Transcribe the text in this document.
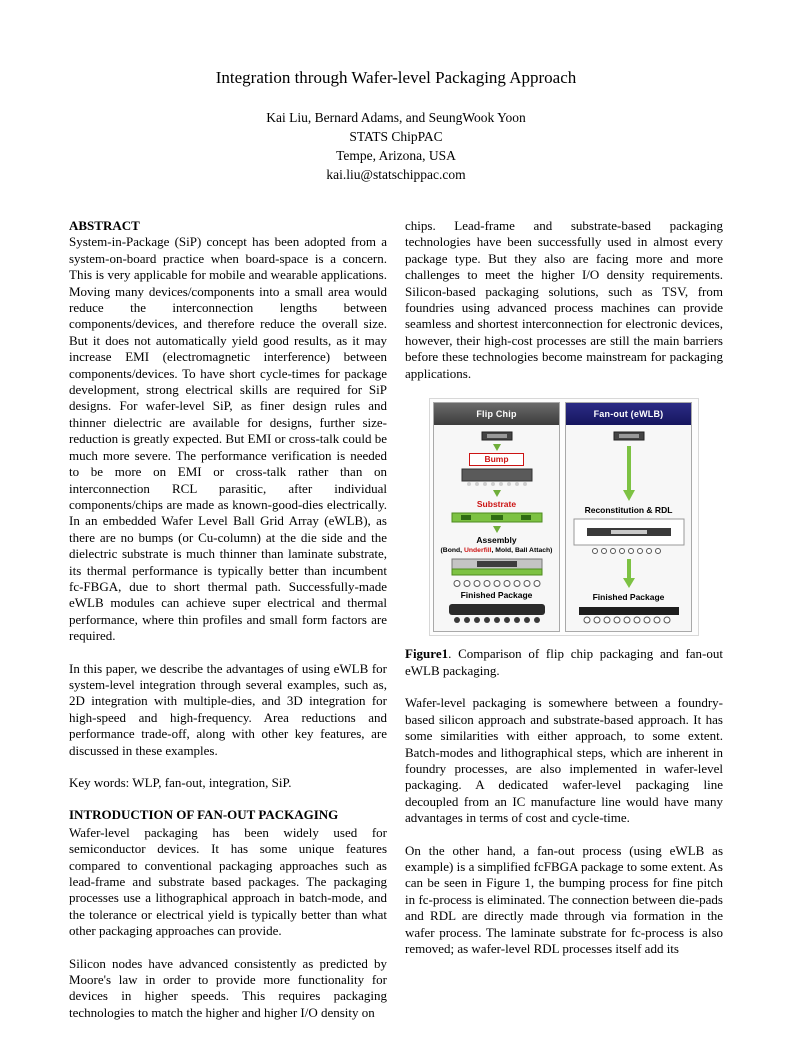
Integration through Wafer-level Packaging Approach
Kai Liu, Bernard Adams, and SeungWook Yoon
STATS ChipPAC
Tempe, Arizona, USA
kai.liu@statschippac.com
ABSTRACT

System-in-Package (SiP) concept has been adopted from a system-on-board practice when board-space is a concern. This is very applicable for mobile and wearable applications. Moving many devices/components into a small area would reduce the interconnection lengths between components/devices, and therefore reduce the overall size. But it does not automatically yield good results, as it may increase EMI (electromagnetic interference) between components/devices. To have short cycle-times for package development, strong electrical skills are required for SiP designs. For wafer-level SiP, as finer design rules and thinner dielectric are available for designs, further size-reduction is greatly expected. But EMI or cross-talk could be much more severe. The performance verification is needed to be more on EMI or cross-talk rather than on interconnection RCL parasitic, after individual components/chips are made as known-good-dies electrically. In an embedded Wafer Level Ball Grid Array (eWLB), as there are no bumps (or Cu-column) at the die side and the dielectric substrate is much thinner than laminate substrate, its thermal performance is typically better than incumbent fc-FBGA, due to short thermal path. Successfully-made eWLB modules can achieve super electrical and thermal performance, where thin profiles and small form factors are required.

In this paper, we describe the advantages of using eWLB for system-level integration through several examples, such as, 2D integration with multiple-dies, and 3D integration for high-speed and high-frequency. Area reductions and performance trade-off, along with other key features, are discussed in these examples.

Key words: WLP, fan-out, integration, SiP.

INTRODUCTION OF FAN-OUT PACKAGING

Wafer-level packaging has been widely used for semiconductor devices. It has some unique features compared to conventional packaging approaches such as lead-frame and substrate based packages. The packaging processes use a lithographical approach in batch-mode, and the tolerance or electrical yield is typically better than what other packaging approaches can provide.

Silicon nodes have advanced consistently as predicted by Moore's law in order to provide more functionality for devices in higher speeds. This requires packaging technologies to match the higher and higher I/O density on

chips. Lead-frame and substrate-based packaging technologies have been successfully used in almost every package type. But they also are facing more and more challenges to meet the higher I/O density requirements. Silicon-based packaging solutions, such as TSV, from foundries using advanced process machines can provide seamless and shortest interconnection for electronic devices, however, their high-cost processes are still the main barriers before these technologies become mainstream for packaging applications.

Flip Chip
Bump
Substrate
Assembly
(Bond, Underfill, Mold, Ball Attach)
Finished Package
Fan-out (eWLB)
Reconstitution & RDL
Finished Package

Figure1. Comparison of flip chip packaging and fan-out eWLB packaging.

Wafer-level packaging is somewhere between a foundry-based silicon approach and substrate-based approach. It has some similarities with either approach, to some extent. Batch-modes and lithographical steps, which are inherent in foundry processes, are also implemented in wafer-level packaging. A dedicated wafer-level packaging line decoupled from an IC manufacture line would have many advantages in terms of cost and cycle-time.

On the other hand, a fan-out process (using eWLB as example) is a simplified fcFBGA package to some extent. As can be seen in Figure 1, the bumping process for fine pitch in fc-process is eliminated. The connection between die-pads and RDL are directly made through via formation in the wafer process. The laminate substrate for fc-process is also removed; as wafer-level RDL processes itself add its
